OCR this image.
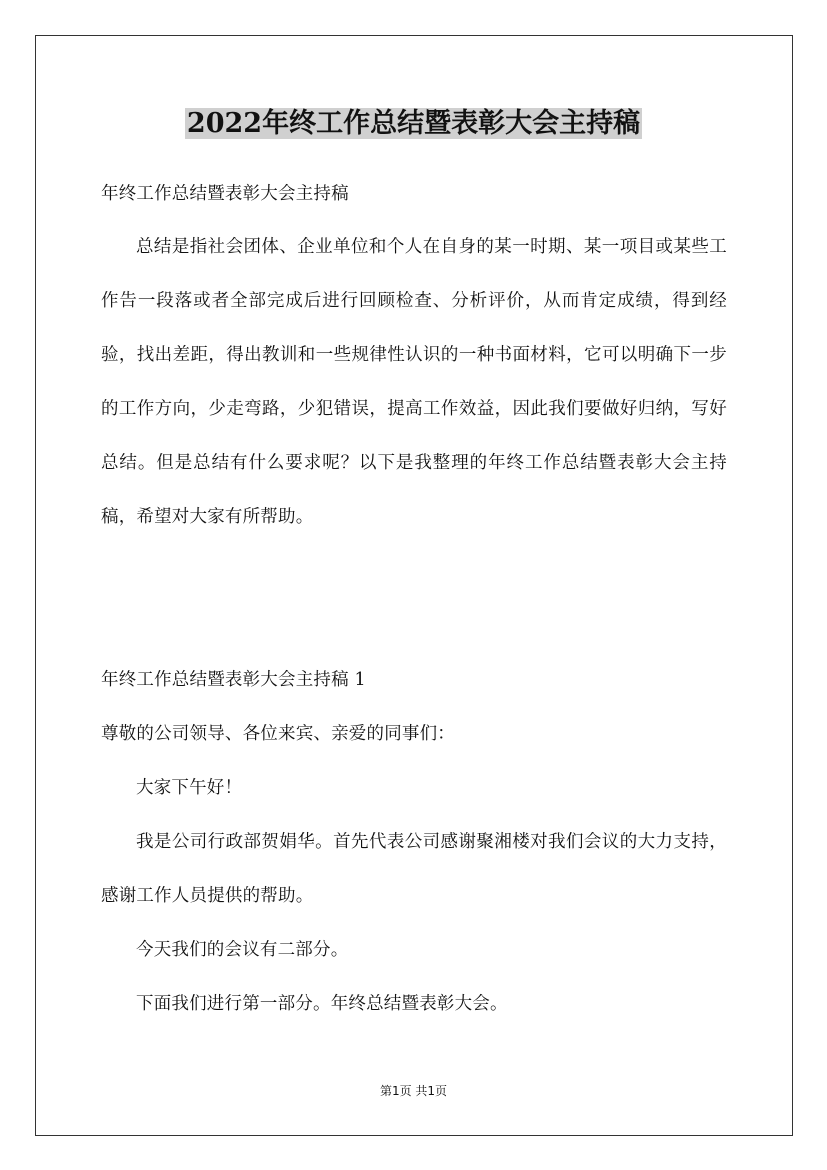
2022年终工作总结暨表彰大会主持稿
年终工作总结暨表彰大会主持稿

总结是指社会团体、企业单位和个人在自身的某一时期、某一项目或某些工作告一段落或者全部完成后进行回顾检查、分析评价，从而肯定成绩，得到经验，找出差距，得出教训和一些规律性认识的一种书面材料，它可以明确下一步的工作方向，少走弯路，少犯错误，提高工作效益，因此我们要做好归纳，写好总结。但是总结有什么要求呢？以下是我整理的年终工作总结暨表彰大会主持稿，希望对大家有所帮助。

年终工作总结暨表彰大会主持稿 1
尊敬的公司领导、各位来宾、亲爱的同事们：
大家下午好！

我是公司行政部贺娟华。首先代表公司感谢聚湘楼对我们会议的大力支持，感谢工作人员提供的帮助。

今天我们的会议有二部分。
下面我们进行第一部分。年终总结暨表彰大会。
第1页 共1页
